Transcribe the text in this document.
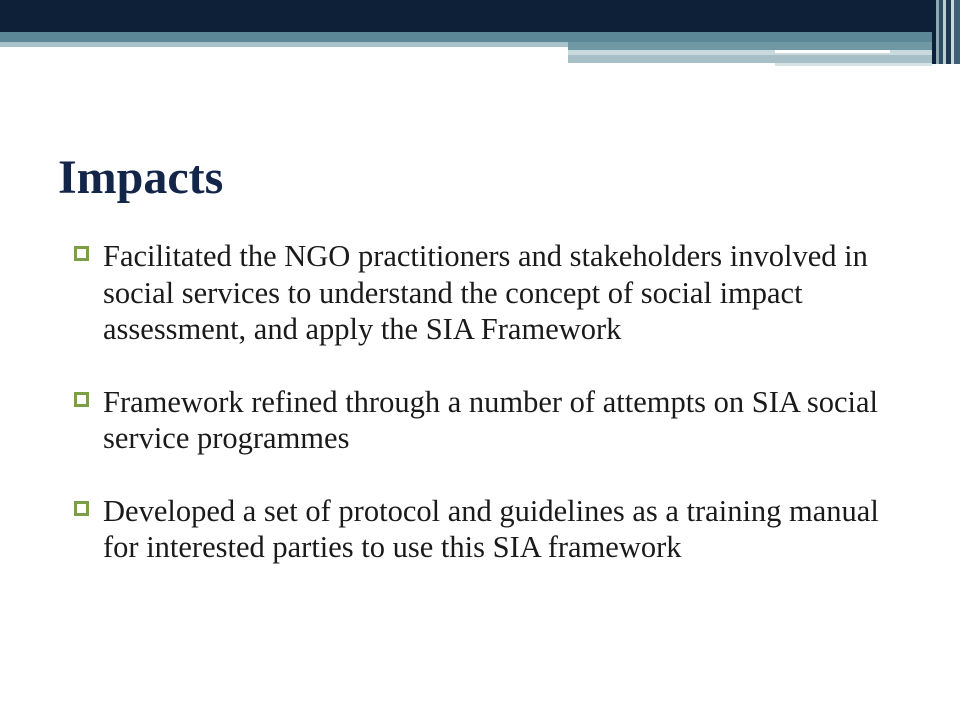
Impacts
Facilitated the NGO practitioners and stakeholders involved in social services to understand the concept of social impact assessment, and apply the SIA Framework
Framework refined through a number of attempts on SIA social service programmes
Developed a set of protocol and guidelines as a training manual for interested parties to use this SIA framework
